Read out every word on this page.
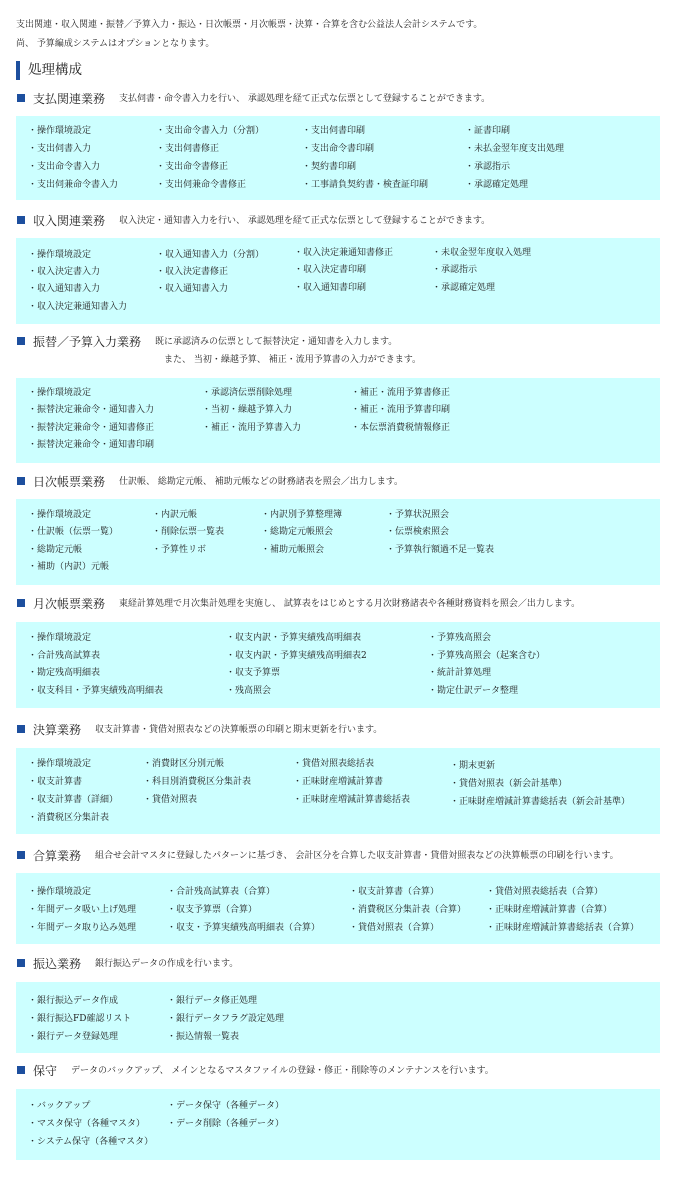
支出関連・収入関連・振替／予算入力・振込・日次帳票・月次帳票・決算・合算を含む公益法人会計システムです。
尚、 予算編成システムはオプションとなります。
処理構成
支払関連業務 支払伺書・命令書入力を行い、 承認処理を経て正式な伝票として登録することができます。
・ 操作環境設定
・ 支出伺書入力
・ 支出命令書入力
・ 支出伺兼命令書入力
・ 支出命令書入力（分割）
・ 支出伺書修正
・ 支出命令書修正
・ 支出伺兼命令書修正
・ 支出伺書印刷
・ 支出命令書印刷
・ 契約書印刷
・ 工事請負契約書・検査証印刷
・ 証書印刷
・ 未払金翌年度支出処理
・ 承認指示
・ 承認確定処理
収入関連業務 収入決定・通知書入力を行い、 承認処理を経て正式な伝票として登録することができます。
・ 操作環境設定
・ 収入決定書入力
・ 収入通知書入力
・ 収入決定兼通知書入力
・ 収入通知書入力（分割）
・ 収入決定書修正
・ 収入通知書入力
・ 収入決定兼通知書修正
・ 収入決定書印刷
・ 収入通知書印刷
・ 未収金翌年度収入処理
・ 承認指示
・ 承認確定処理
振替／予算入力業務 既に承認済みの伝票として振替決定・通知書を入力します。
また、 当初・繰越予算、 補正・流用予算書の入力ができます。
・ 操作環境設定
・ 振替決定兼命令・通知書入力
・ 振替決定兼命令・通知書修正
・ 振替決定兼命令・通知書印刷
・ 承認済伝票削除処理
・ 当初・繰越予算入力
・ 補正・流用予算書入力
・ 補正・流用予算書修正
・ 補正・流用予算書印刷
・ 本伝票消費税情報修正
日次帳票業務 仕訳帳、 総勘定元帳、 補助元帳などの財務諸表を照会／出力します。
・ 操作環境設定
・ 仕訳帳（伝票一覧）
・ 総勘定元帳
・ 補助（内訳）元帳
・ 内訳元帳
・ 削除伝票一覧表
・ 予算性リボ
・ 内訳別予算整理簿
・ 総勘定元帳照会
・ 補助元帳照会
・ 予算状況照会
・ 伝票検索照会
・ 予算執行額過不足一覧表
月次帳票業務 東経計算処理で月次集計処理を実施し、 試算表をはじめとする月次財務諸表や各種財務資料を照会／出力します。
・ 操作環境設定
・ 合計残高試算表
・ 勘定残高明細表
・ 収支科目・予算実績残高明細表
・ 収支内訳・予算実績残高明細表
・ 収支内訳・予算実績残高明細表2
・ 収支予算票
・ 残高照会
・ 予算残高照会
・ 予算残高照会（起案含む）
・ 統計計算処理
・ 勘定仕訳データ整理
決算業務 収支計算書・貸借対照表などの決算帳票の印刷と期末更新を行います。
・ 操作環境設定
・ 収支計算書
・ 収支計算書（詳細）
・ 消費税区分集計表
・ 消費財区分別元帳
・ 科目別消費税区分集計表
・ 貸借対照表
・ 貸借対照表総括表
・ 正味財産増減計算書
・ 正味財産増減計算書総括表
・ 期末更新
・ 貸借対照表（新会計基準）
・ 正味財産増減計算書総括表（新会計基準）
合算業務 組合せ会計マスタに登録したパターンに基づき、 会計区分を合算した収支計算書・貸借対照表などの決算帳票の印刷を行います。
・ 操作環境設定
・ 年間データ吸い上げ処理
・ 年間データ取り込み処理
・ 合計残高試算表（合算）
・ 収支予算票（合算）
・ 収支・予算実績残高明細表（合算）
・ 収支計算書（合算）
・ 消費税区分集計表（合算）
・ 貸借対照表（合算）
・ 貸借対照表総括表（合算）
・ 正味財産増減計算書（合算）
・ 正味財産増減計算書総括表（合算）
振込業務 銀行振込データの作成を行います。
・ 銀行振込データ作成
・ 銀行振込FD確認リスト
・ 銀行データ登録処理
・ 銀行データ修正処理
・ 銀行データフラグ設定処理
・ 振込情報一覧表
保守 データのバックアップ、 メインとなるマスタファイルの登録・修正・削除等のメンテナンスを行います。
・ バックアップ
・ マスタ保守（各種マスタ）
・ システム保守（各種マスタ）
・ データ保守（各種データ）
・ データ削除（各種データ）
